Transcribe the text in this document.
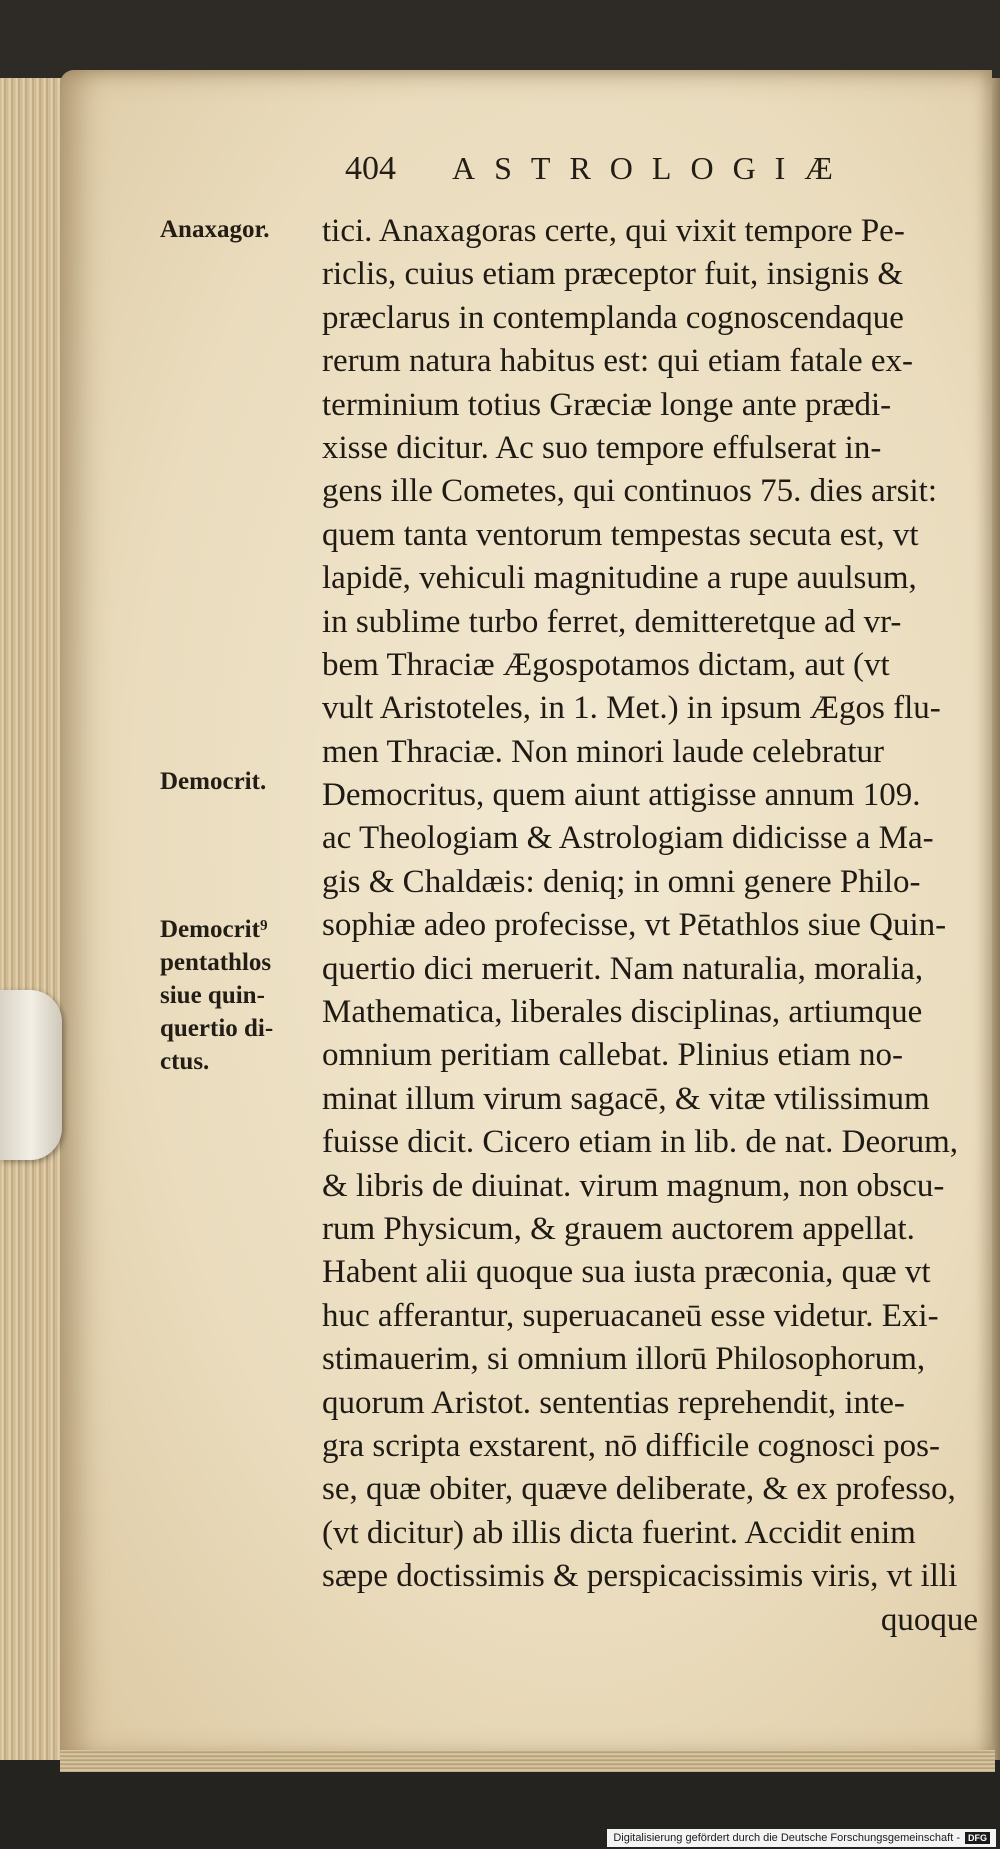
404 ASTROLOGIÆ
Anaxagor.
Democrit.
Democrit⁹
pentathlos
siue quin-
quertio di-
ctus.
tici. Anaxagoras certe, qui vixit tempore Pe-
riclis, cuius etiam præceptor fuit, insignis &
præclarus in contemplanda cognoscendaque
rerum natura habitus est: qui etiam fatale ex-
terminium totius Græciæ longe ante prædi-
xisse dicitur. Ac suo tempore effulserat in-
gens ille Cometes, qui continuos 75. dies arsit:
quem tanta ventorum tempestas secuta est, vt
lapidē, vehiculi magnitudine a rupe auulsum,
in sublime turbo ferret, demitteretque ad vr-
bem Thraciæ Ægospotamos dictam, aut (vt
vult Aristoteles, in 1. Met.) in ipsum Ægos flu-
men Thraciæ. Non minori laude celebratur
Democritus, quem aiunt attigisse annum 109.
ac Theologiam & Astrologiam didicisse a Ma-
gis & Chaldæis: deniq; in omni genere Philo-
sophiæ adeo profecisse, vt Pētathlos siue Quin-
quertio dici meruerit. Nam naturalia, moralia,
Mathematica, liberales disciplinas, artiumque
omnium peritiam callebat. Plinius etiam no-
minat illum virum sagacē, & vitæ vtilissimum
fuisse dicit. Cicero etiam in lib. de nat. Deorum,
& libris de diuinat. virum magnum, non obscu-
rum Physicum, & grauem auctorem appellat.
Habent alii quoque sua iusta præconia, quæ vt
huc afferantur, superuacaneū esse videtur. Exi-
stimauerim, si omnium illorū Philosophorum,
quorum Aristot. sententias reprehendit, inte-
gra scripta exstarent, nō difficile cognosci pos-
se, quæ obiter, quæve deliberate, & ex professo,
(vt dicitur) ab illis dicta fuerint. Accidit enim
sæpe doctissimis & perspicacissimis viris, vt illi
quoque
Digitalisierung gefördert durch die Deutsche Forschungsgemeinschaft - DFG
